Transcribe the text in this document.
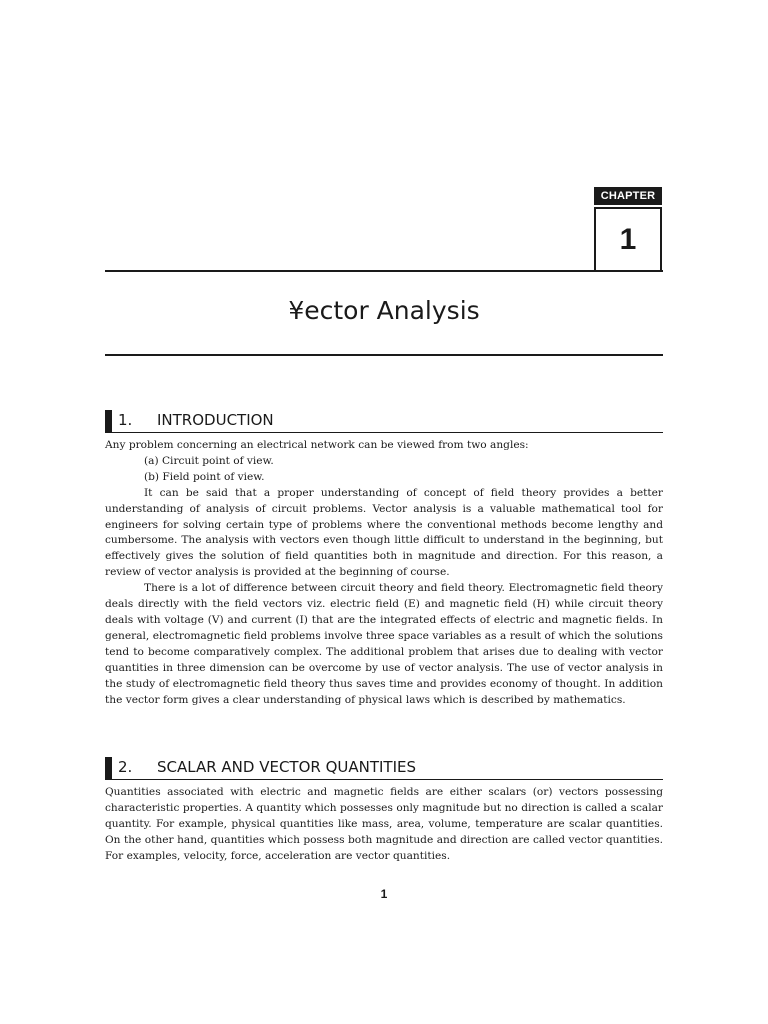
CHAPTER
1
¥ector Analysis
1. INTRODUCTION

Any problem concerning an electrical network can be viewed from two angles:

(a) Circuit point of view.

(b) Field point of view.

It can be said that a proper understanding of concept of field theory provides a better understanding of analysis of circuit problems. Vector analysis is a valuable mathematical tool for engineers for solving certain type of problems where the conventional methods become lengthy and cumbersome. The analysis with vectors even though little difficult to understand in the beginning, but effectively gives the solution of field quantities both in magnitude and direction. For this reason, a review of vector analysis is provided at the beginning of course.

There is a lot of difference between circuit theory and field theory. Electromagnetic field theory deals directly with the field vectors viz. electric field (E) and magnetic field (H) while circuit theory deals with voltage (V) and current (I) that are the integrated effects of electric and magnetic fields. In general, electromagnetic field problems involve three space variables as a result of which the solutions tend to become comparatively complex. The additional problem that arises due to dealing with vector quantities in three dimension can be overcome by use of vector analysis. The use of vector analysis in the study of electromagnetic field theory thus saves time and provides economy of thought. In addition the vector form gives a clear understanding of physical laws which is described by mathematics.

2. SCALAR AND VECTOR QUANTITIES

Quantities associated with electric and magnetic fields are either scalars (or) vectors possessing characteristic properties. A quantity which possesses only magnitude but no direction is called a scalar quantity. For example, physical quantities like mass, area, volume, temperature are scalar quantities. On the other hand, quantities which possess both magnitude and direction are called vector quantities. For examples, velocity, force, acceleration are vector quantities.

1
